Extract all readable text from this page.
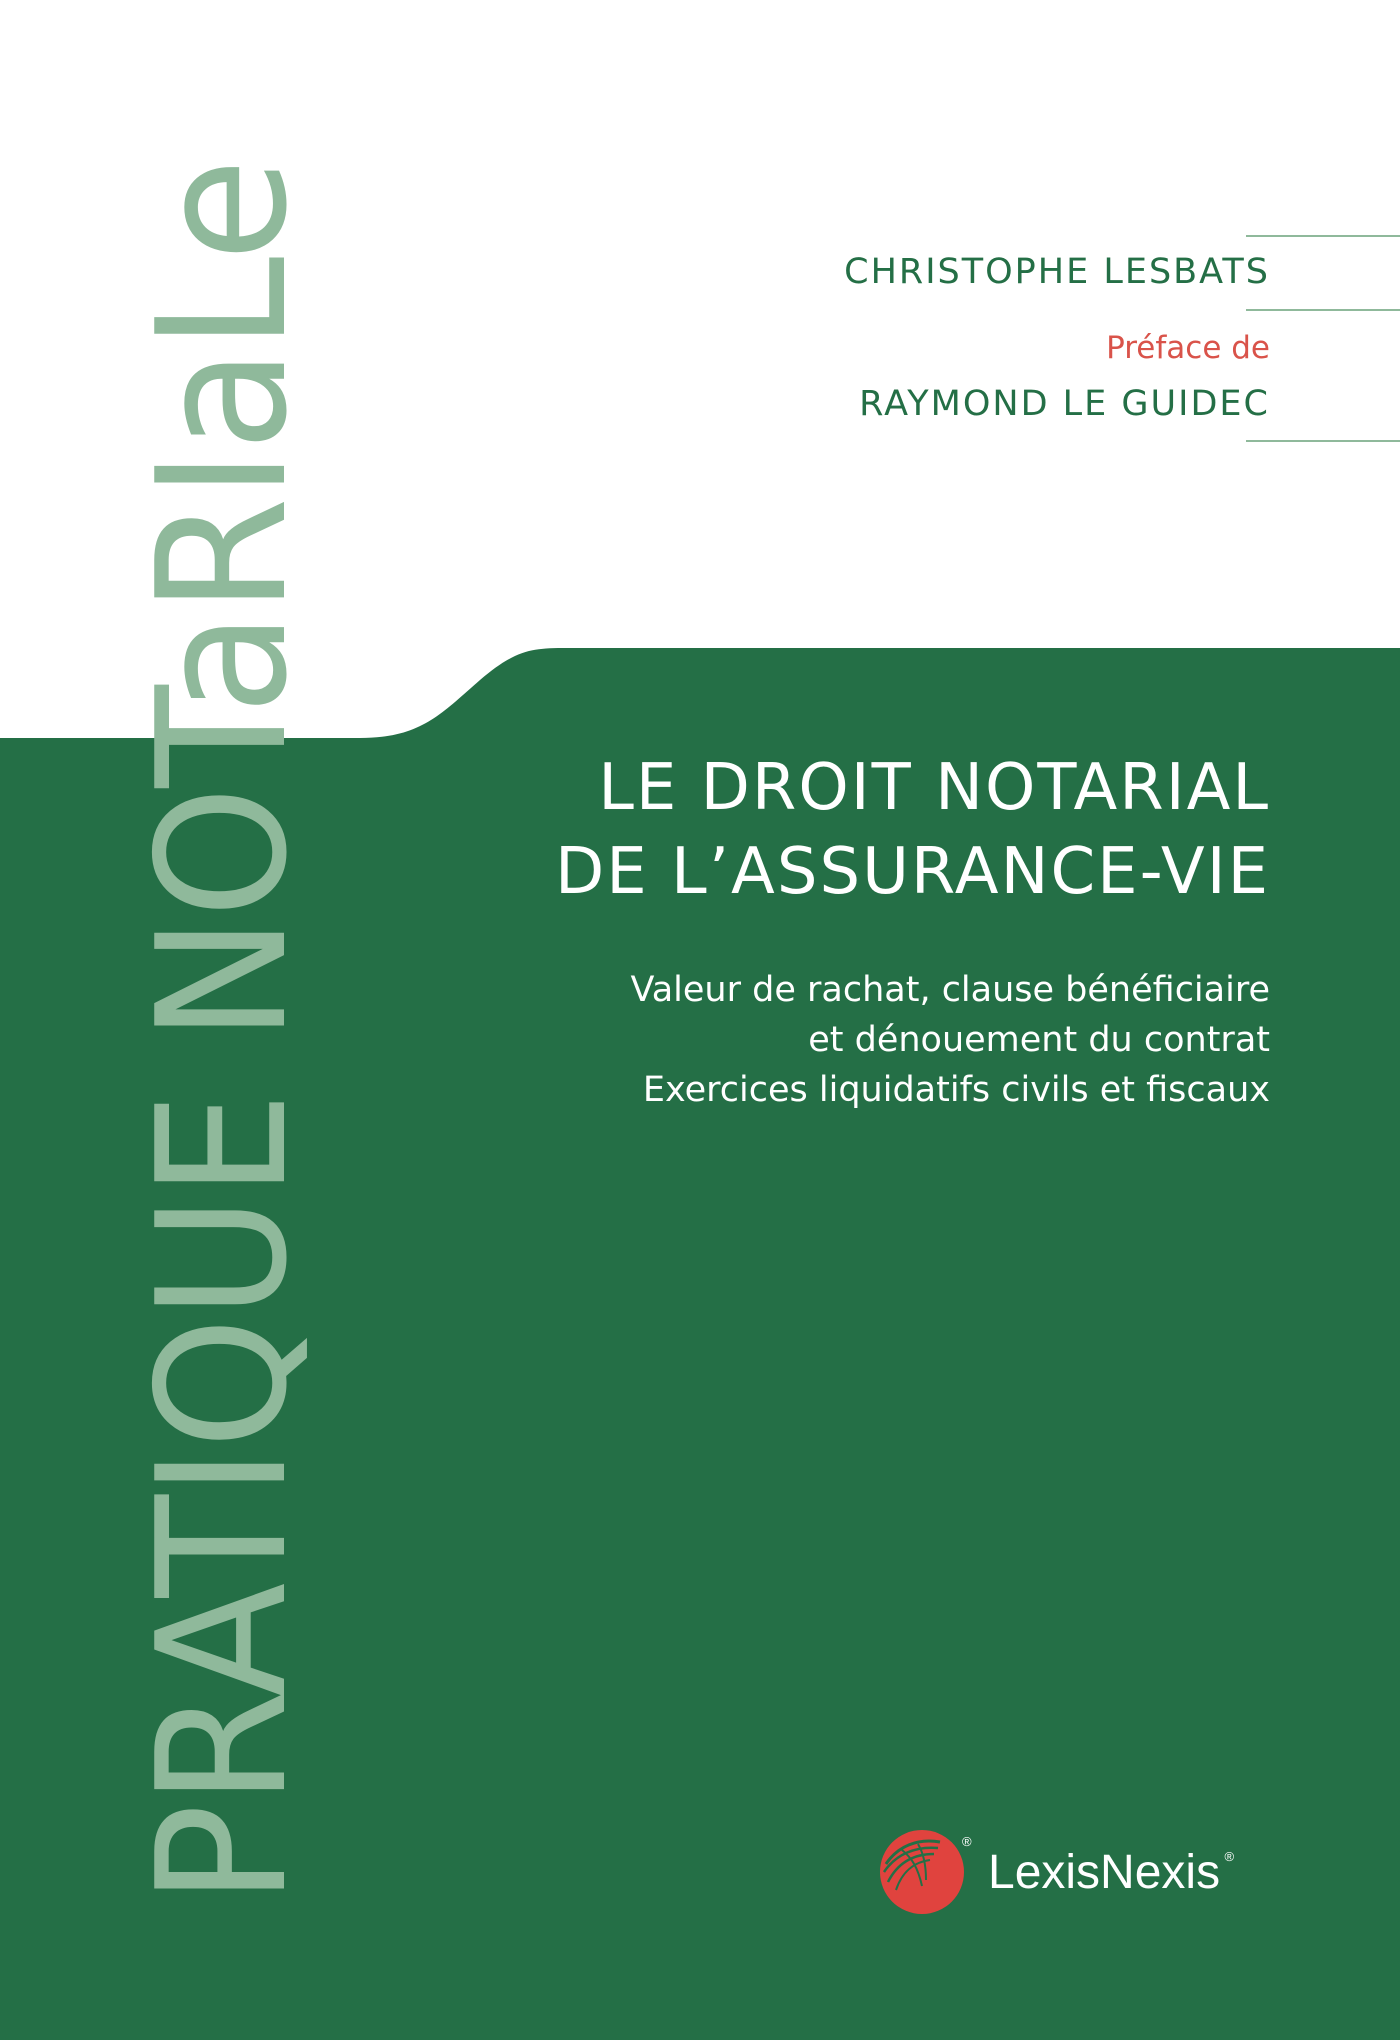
PRATIQUE NOTaRIaLe	CHRISTOPHE LESBATS
Préface de
RAYMOND LE GUIDEC
LE DROIT NOTARIAL
DE L’ASSURANCE-VIE
Valeur de rachat, clause bénéficiaire
et dénouement du contrat
Exercices liquidatifs civils et fiscaux
LexisNexis ®
®
